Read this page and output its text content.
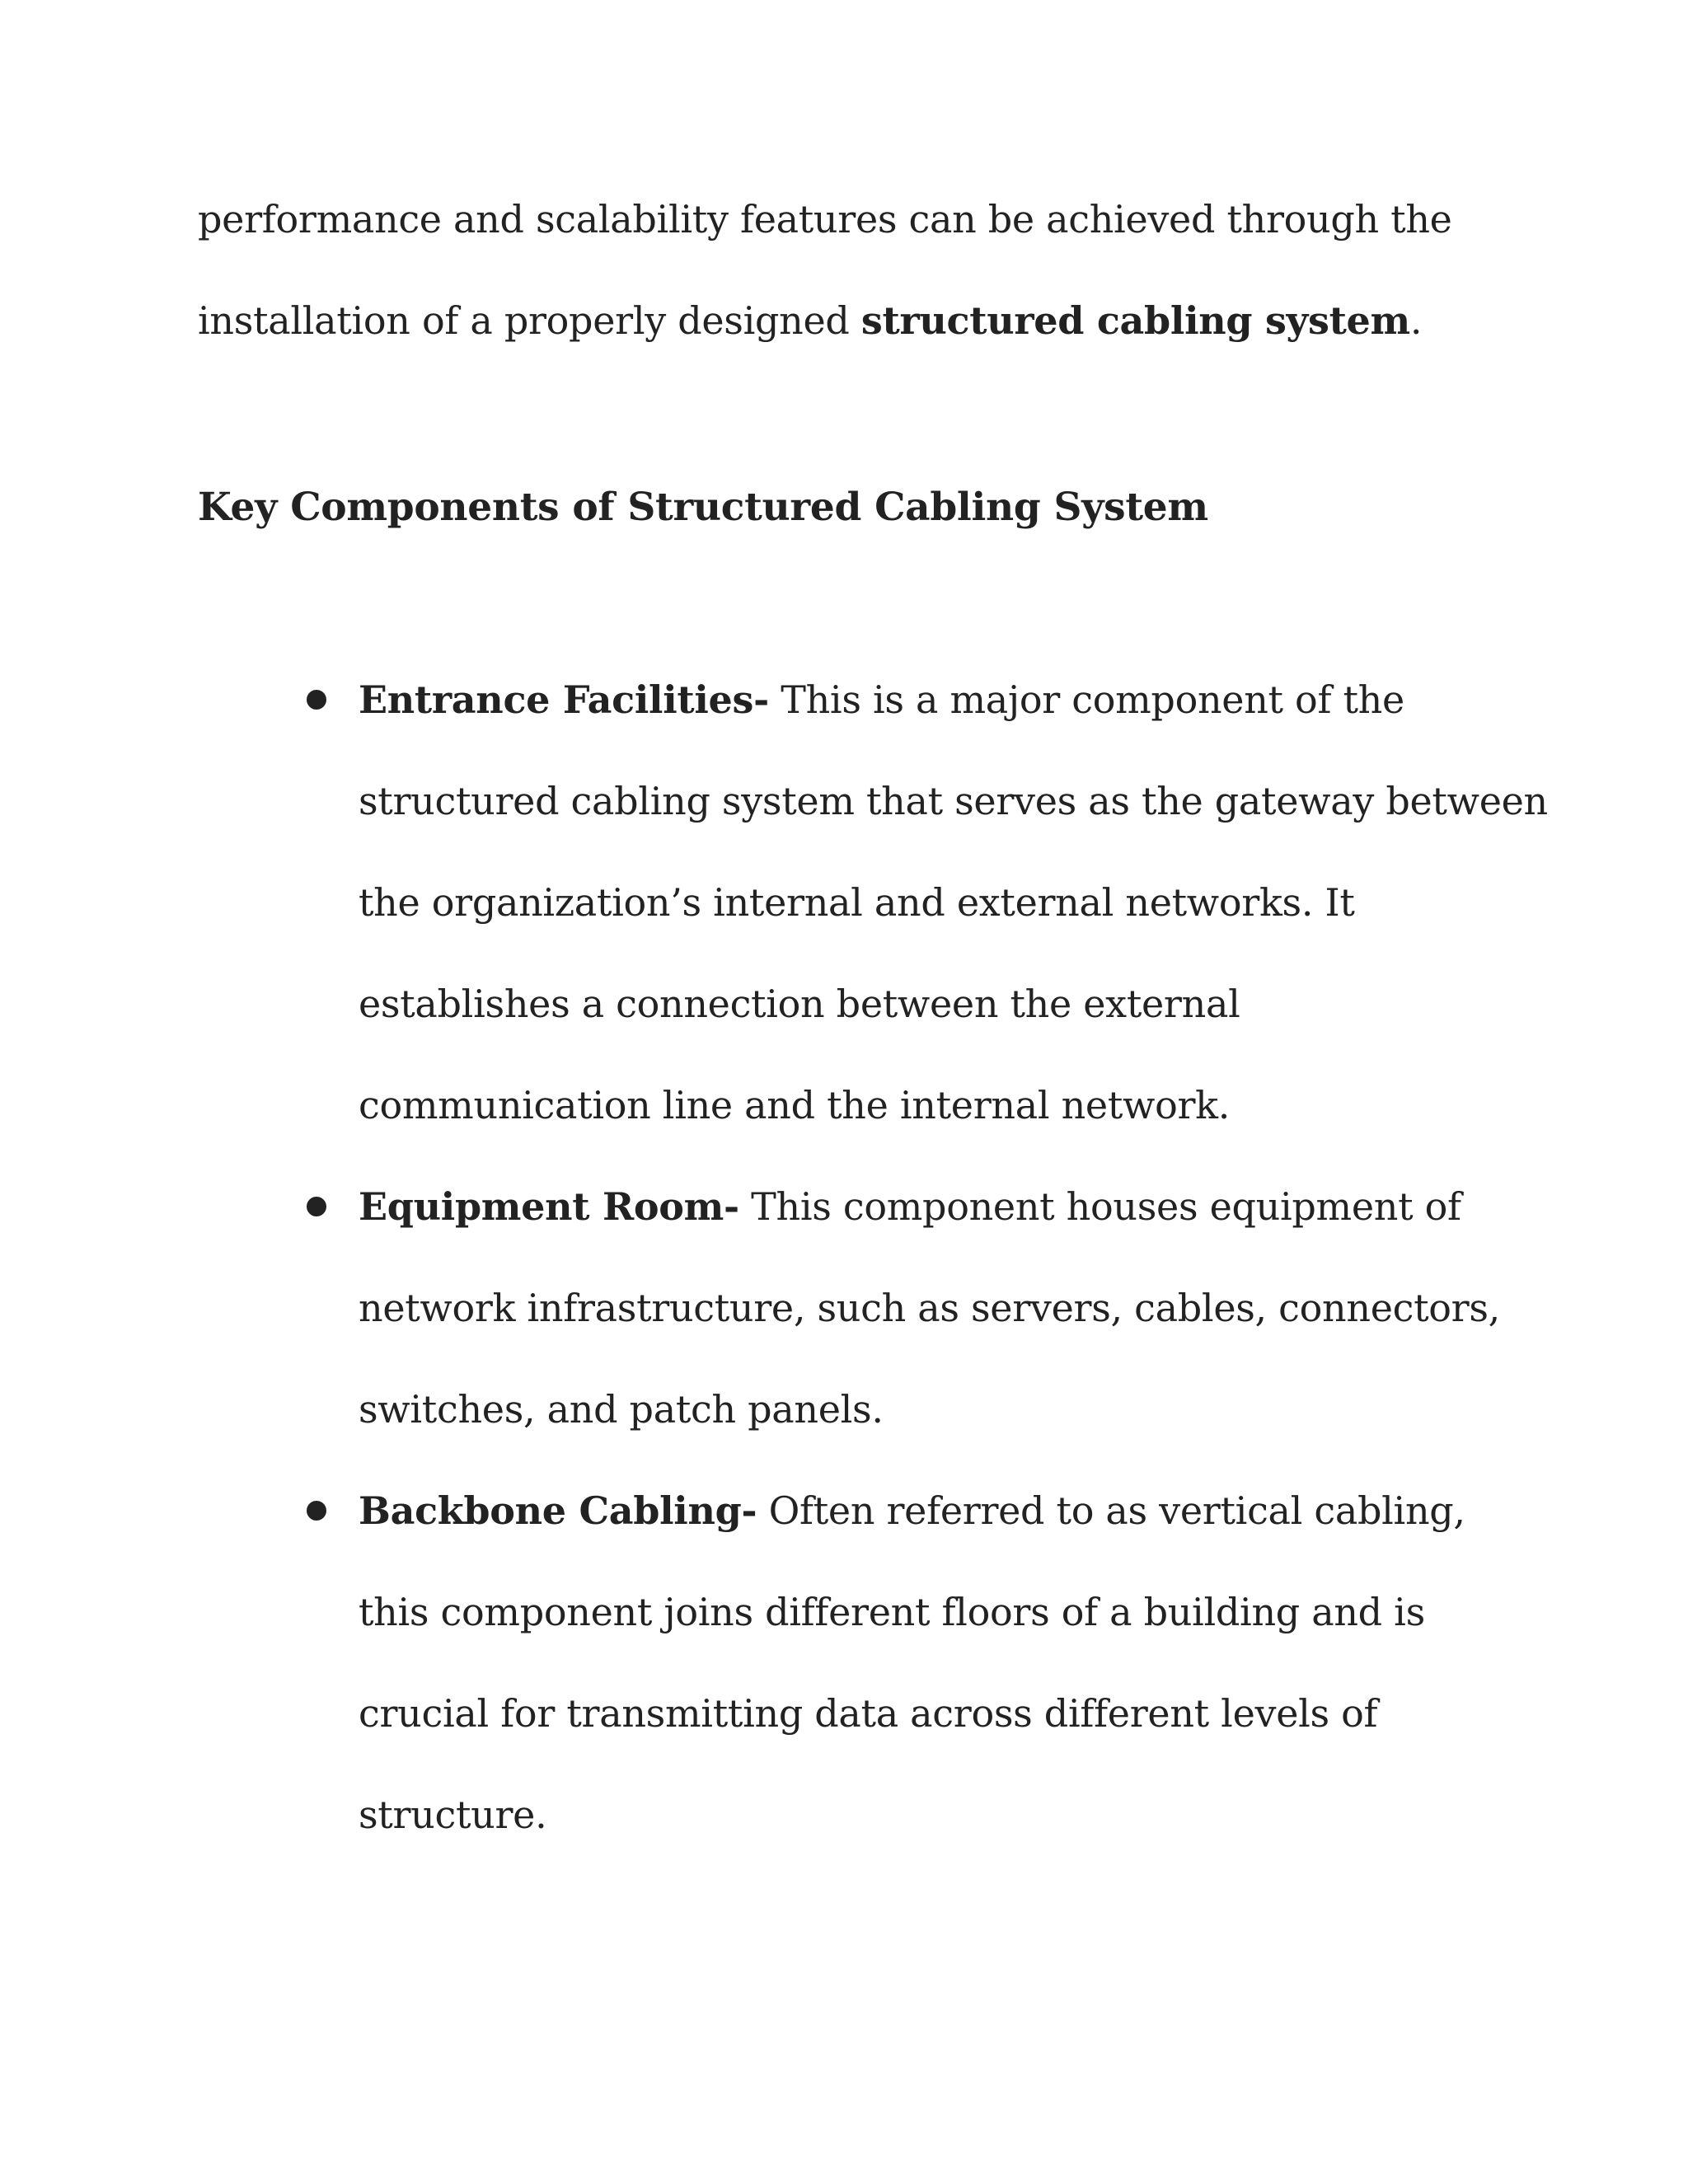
performance and scalability features can be achieved through the
installation of a properly designed structured cabling system.
Key Components of Structured Cabling System
Entrance Facilities- This is a major component of the
structured cabling system that serves as the gateway between
the organization’s internal and external networks. It
establishes a connection between the external
communication line and the internal network.
Equipment Room- This component houses equipment of
network infrastructure, such as servers, cables, connectors,
switches, and patch panels.
Backbone Cabling- Often referred to as vertical cabling,
this component joins different floors of a building and is
crucial for transmitting data across different levels of
structure.
